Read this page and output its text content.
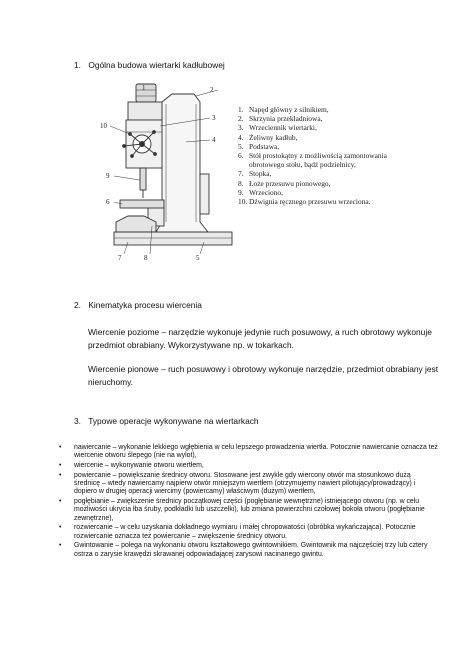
1. Ogólna budowa wiertarki kadłubowej
1	2
3
4
5
6
7	8
9
10
1. Napęd główny z silnikiem,
2. Skrzynia przekładniowa,
3. Wrzeciennik wiertarki,
4. Żeliwny kadłub,
5. Podstawa,
6. Stół prostokątny z możliwością zamontowania obrotowego stołu, bądź podzielnicy,
7. Stopka,
8. Łoże przesuwu pionowego,
9. Wrzeciono,
10. Dźwignia ręcznego przesuwu wrzeciona.
2. Kinematyka procesu wiercenia
Wiercenie poziome – narzędzie wykonuje jedynie ruch posuwowy, a ruch obrotowy wykonuje przedmiot obrabiany. Wykorzystywane np. w tokarkach.
Wiercenie pionowe – ruch posuwowy i obrotowy wykonuje narzędzie, przedmiot obrabiany jest nieruchomy.
3. Typowe operacje wykonywane na wiertarkach
• nawiercanie – wykonanie lekkiego wgłębienia w celu lepszego prowadzenia wiertła. Potocznie nawiercanie oznacza też wiercenie otworu ślepego (nie na wylot),
• wiercenie – wykonywanie otworu wiertłem,
• powiercanie – powiększanie średnicy otworu. Stosowane jest zwykle gdy wiercony otwór ma stosunkowo dużą średnicę – wtedy nawiercamy najpierw otwór mniejszym wiertłem (otrzymujemy nawiert pilotujący/prowadzący) i dopiero w drugiej operacji wiercimy (powiercamy) właściwym (dużym) wiertłem,
• pogłębianie – zwiększenie średnicy początkowej części (pogłębianie wewnętrzne) istniejącego otworu (np. w celu możliwości ukrycia łba śruby, podkładki lub uszczelki), lub zmiana powierzchni czołowej bokoła otworu (pogłębianie zewnętrzne),
• rozwiercanie – w celu uzyskania dokładnego wymiaru i małej chropowatości (obróbka wykańczająca). Potocznie rozwiercanie oznacza też powiercanie – zwiększenie średnicy otworu.
• Gwintowanie – polega na wykonaniu otworu kształtowego gwintownikiem. Gwintownik ma najczęściej trzy lub cztery ostrza o zarysie krawędzi skrawanej odpowiadającej zarysowi nacinanego gwintu.
